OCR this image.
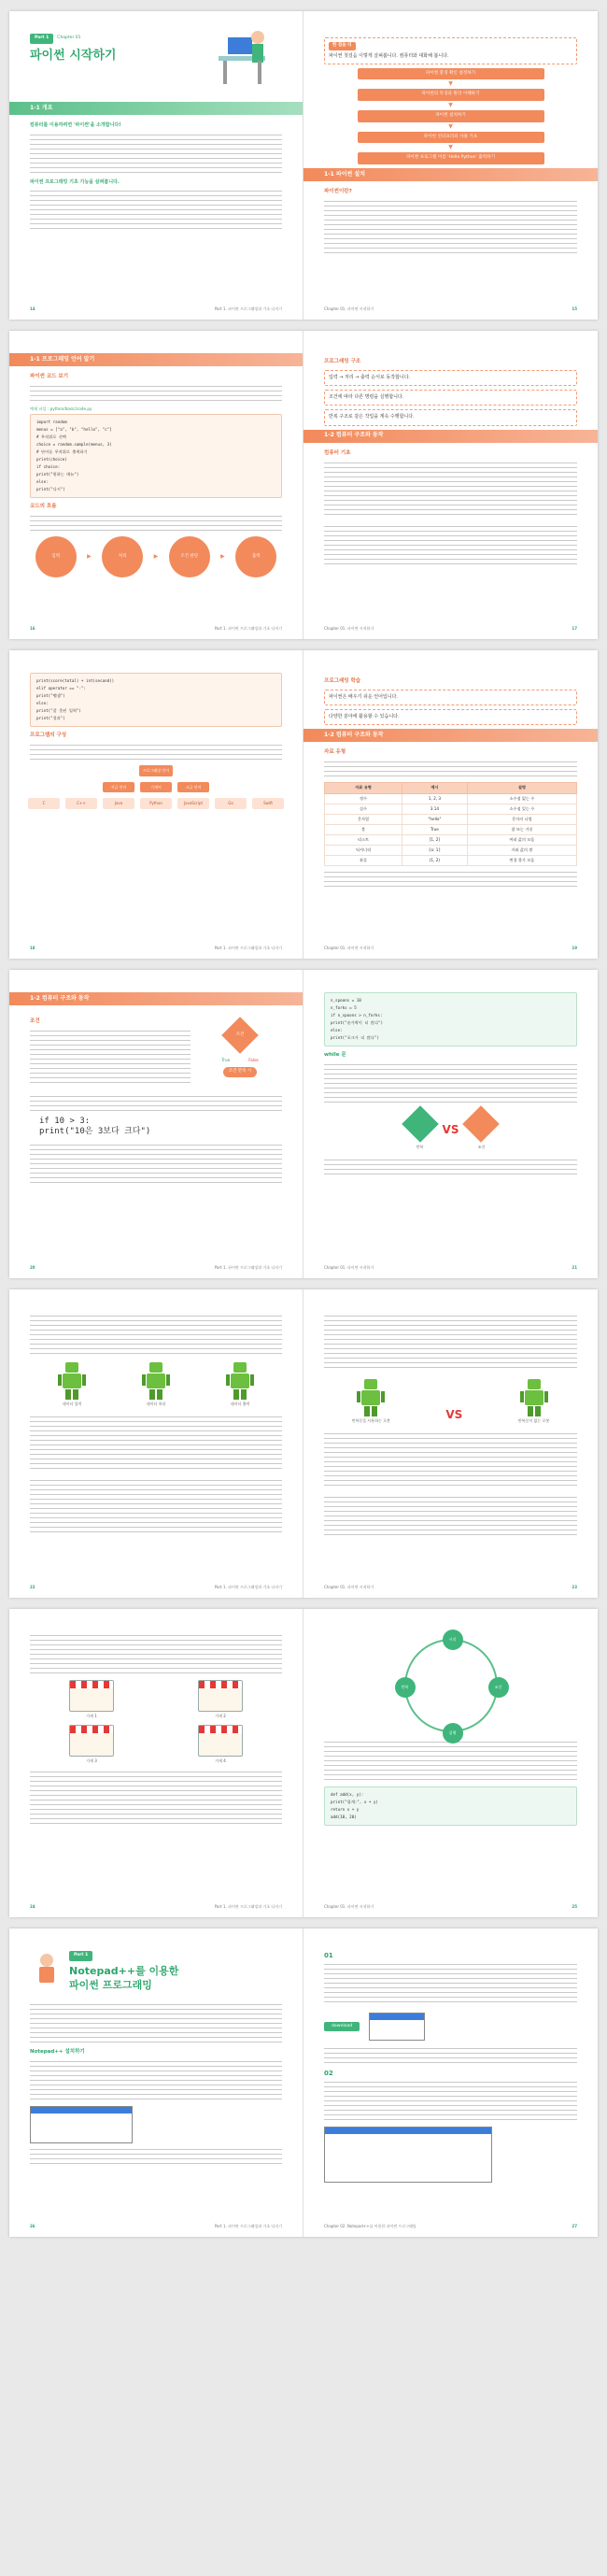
Part 1	Chapter 01
파이썬 시작하기
1-1 개요
컴퓨터를 이용하려면 '파이썬'을 소개합니다!
파이썬 프로그래밍 기초 기능을 살펴봅니다.
14	Part 1. 파이썬 프로그래밍과 기초 다지기
한 걸음 더
파이썬 첫걸음 이렇게 살펴봅니다. 컴퓨터와 대화해 봅니다.
파이썬 환경 확인 설정하기
▼
파이썬의 특징과 원리 이해하기
▼
파이썬 설치하기
▼
파이썬 인터프리터 사용 기초
▼
파이썬 프로그램 이름 'Hello Python' 출력하기
1-1 파이썬 설치
파이썬이란?
Chapter 01. 파이썬 시작하기	15
1-1 프로그래밍 언어 알기
파이썬 코드 보기
예제 파일 : python/basic/code.py
import random
menus = ["a", "b", "hello", "c"]
# 무작위로 선택
choice = random.sample(menus, 3)
# 단어를 무작위로 출력하기
print(choice)
if choice:
print("원하는 메뉴")
else:
print("다시")
코드의 흐름
입력	▶	처리	▶	조건 판단	▶	출력
16	Part 1. 파이썬 프로그래밍과 기초 다지기
프로그래밍 구조
입력 → 처리 → 출력 순서로 동작합니다.
조건에 따라 다른 명령을 실행합니다.
반복 구조로 같은 작업을 계속 수행합니다.
1-2 컴퓨터 구조와 동작
컴퓨터 기초
Chapter 01. 파이썬 시작하기	17
print(score(total) + int(second))
elif operator == "-":
print("뺄셈")
else:
print("잘 못된 입력")
print("결과")
프로그램의 구성
프로그래밍 언어
저급 언어	기계어	고급 언어
C	C++	Java	Python	JavaScript	Go	Swift
18	Part 1. 파이썬 프로그래밍과 기초 다지기
프로그래밍 학습
파이썬은 배우기 쉬운 언어입니다.
다양한 분야에 활용할 수 있습니다.
1-2 컴퓨터 구조와 동작
자료 유형
자료 유형	예시	설명
정수	1, 2, 3	소수점 없는 수
실수	3.14	소수점 있는 수
문자열	"hello"	문자의 나열
불	True	참 또는 거짓
리스트	[1, 2]	여러 값의 모음
딕셔너리	{a: 1}	키와 값의 쌍
튜플	(1, 2)	변경 불가 모음
Chapter 01. 파이썬 시작하기	19
1-2 컴퓨터 구조와 동작
조건
조건
True	False
조건 만족 시
if 10 > 3:
print("10은 3보다 크다")
20	Part 1. 파이썬 프로그래밍과 기초 다지기
n_spoons = 10
n_forks = 5
if n_spoons > n_forks:
print("숟가락이 더 많다")
else:
print("포크가 더 많다")
while 문
반복
VS
조건
Chapter 01. 파이썬 시작하기	21
데이터 입력	데이터 처리	데이터 출력
22	Part 1. 파이썬 프로그래밍과 기초 다지기
반복문을 사용하는 로봇	VS	반복문이 없는 로봇
Chapter 01. 파이썬 시작하기	23
가게 1	가게 2
가게 3	가게 4
24	Part 1. 파이썬 프로그래밍과 기초 다지기
시작
조건
실행
반복
def add(x, y):
print("합계:", x + y)
return x + y
add(10, 20)
Chapter 01. 파이썬 시작하기	25
Part 1
Notepad++를 이용한
파이썬 프로그래밍
Notepad++ 설치하기
26	Part 1. 파이썬 프로그래밍과 기초 다지기
01
download
02
Chapter 02. Notepad++를 이용한 파이썬 프로그래밍	27
